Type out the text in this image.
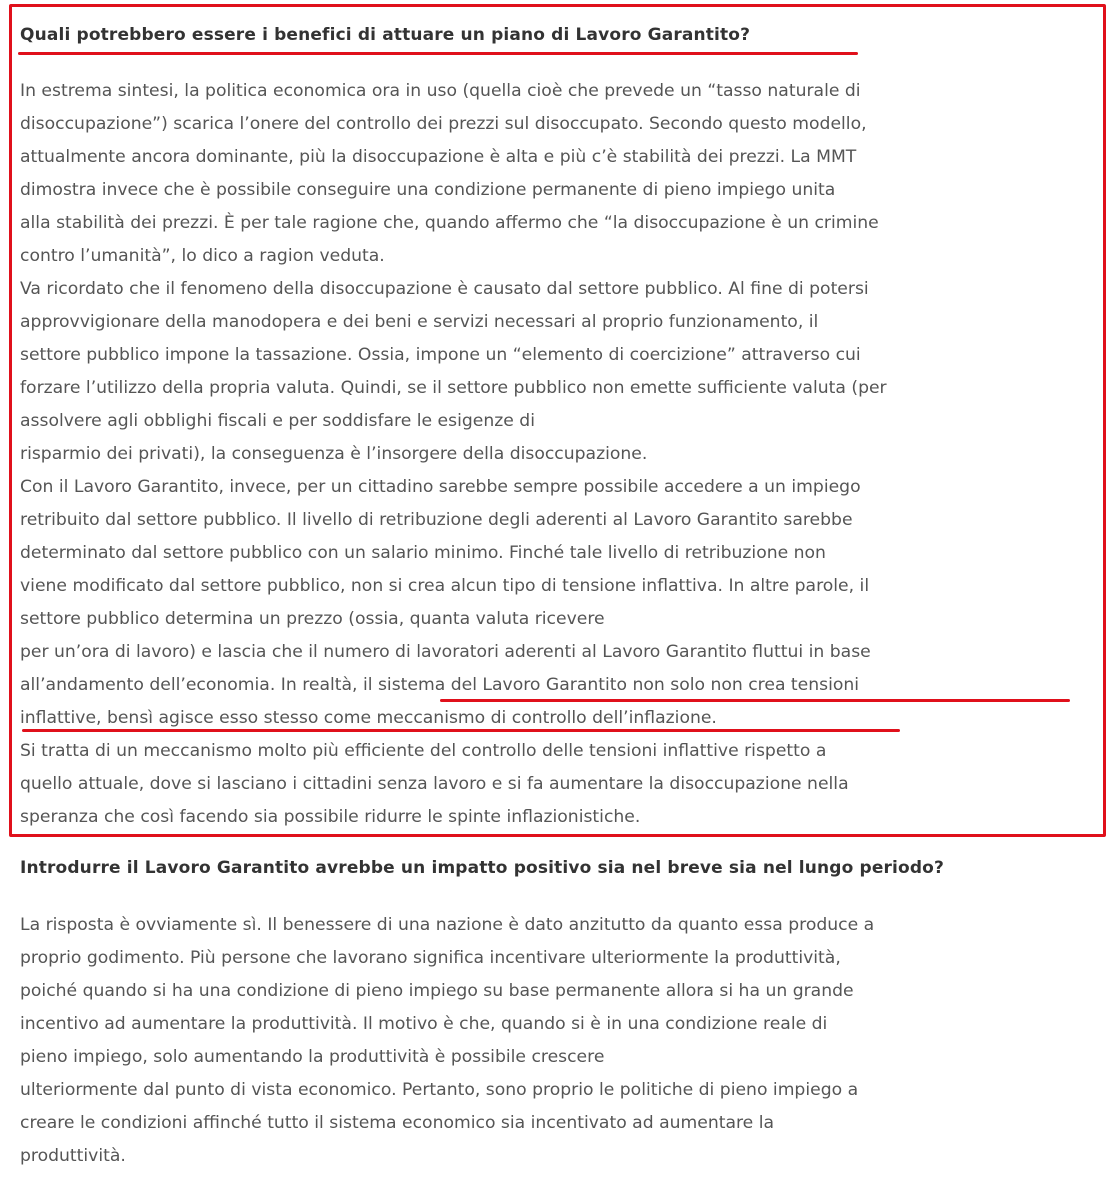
Quali potrebbero essere i benefici di attuare un piano di Lavoro Garantito?
In estrema sintesi, la politica economica ora in uso (quella cioè che prevede un “tasso naturale di
disoccupazione”) scarica l’onere del controllo dei prezzi sul disoccupato. Secondo questo modello,
attualmente ancora dominante, più la disoccupazione è alta e più c’è stabilità dei prezzi. La MMT
dimostra invece che è possibile conseguire una condizione permanente di pieno impiego unita
alla stabilità dei prezzi. È per tale ragione che, quando affermo che “la disoccupazione è un crimine
contro l’umanità”, lo dico a ragion veduta.
Va ricordato che il fenomeno della disoccupazione è causato dal settore pubblico. Al fine di potersi
approvvigionare della manodopera e dei beni e servizi necessari al proprio funzionamento, il
settore pubblico impone la tassazione. Ossia, impone un “elemento di coercizione” attraverso cui
forzare l’utilizzo della propria valuta. Quindi, se il settore pubblico non emette sufficiente valuta (per
assolvere agli obblighi fiscali e per soddisfare le esigenze di
risparmio dei privati), la conseguenza è l’insorgere della disoccupazione.
Con il Lavoro Garantito, invece, per un cittadino sarebbe sempre possibile accedere a un impiego
retribuito dal settore pubblico. Il livello di retribuzione degli aderenti al Lavoro Garantito sarebbe
determinato dal settore pubblico con un salario minimo. Finché tale livello di retribuzione non
viene modificato dal settore pubblico, non si crea alcun tipo di tensione inflattiva. In altre parole, il
settore pubblico determina un prezzo (ossia, quanta valuta ricevere
per un’ora di lavoro) e lascia che il numero di lavoratori aderenti al Lavoro Garantito fluttui in base
all’andamento dell’economia. In realtà, il sistema del Lavoro Garantito non solo non crea tensioni
inflattive, bensì agisce esso stesso come meccanismo di controllo dell’inflazione.
Si tratta di un meccanismo molto più efficiente del controllo delle tensioni inflattive rispetto a
quello attuale, dove si lasciano i cittadini senza lavoro e si fa aumentare la disoccupazione nella
speranza che così facendo sia possibile ridurre le spinte inflazionistiche.
Introdurre il Lavoro Garantito avrebbe un impatto positivo sia nel breve sia nel lungo periodo?
La risposta è ovviamente sì. Il benessere di una nazione è dato anzitutto da quanto essa produce a
proprio godimento. Più persone che lavorano significa incentivare ulteriormente la produttività,
poiché quando si ha una condizione di pieno impiego su base permanente allora si ha un grande
incentivo ad aumentare la produttività. Il motivo è che, quando si è in una condizione reale di
pieno impiego, solo aumentando la produttività è possibile crescere
ulteriormente dal punto di vista economico. Pertanto, sono proprio le politiche di pieno impiego a
creare le condizioni affinché tutto il sistema economico sia incentivato ad aumentare la
produttività.
